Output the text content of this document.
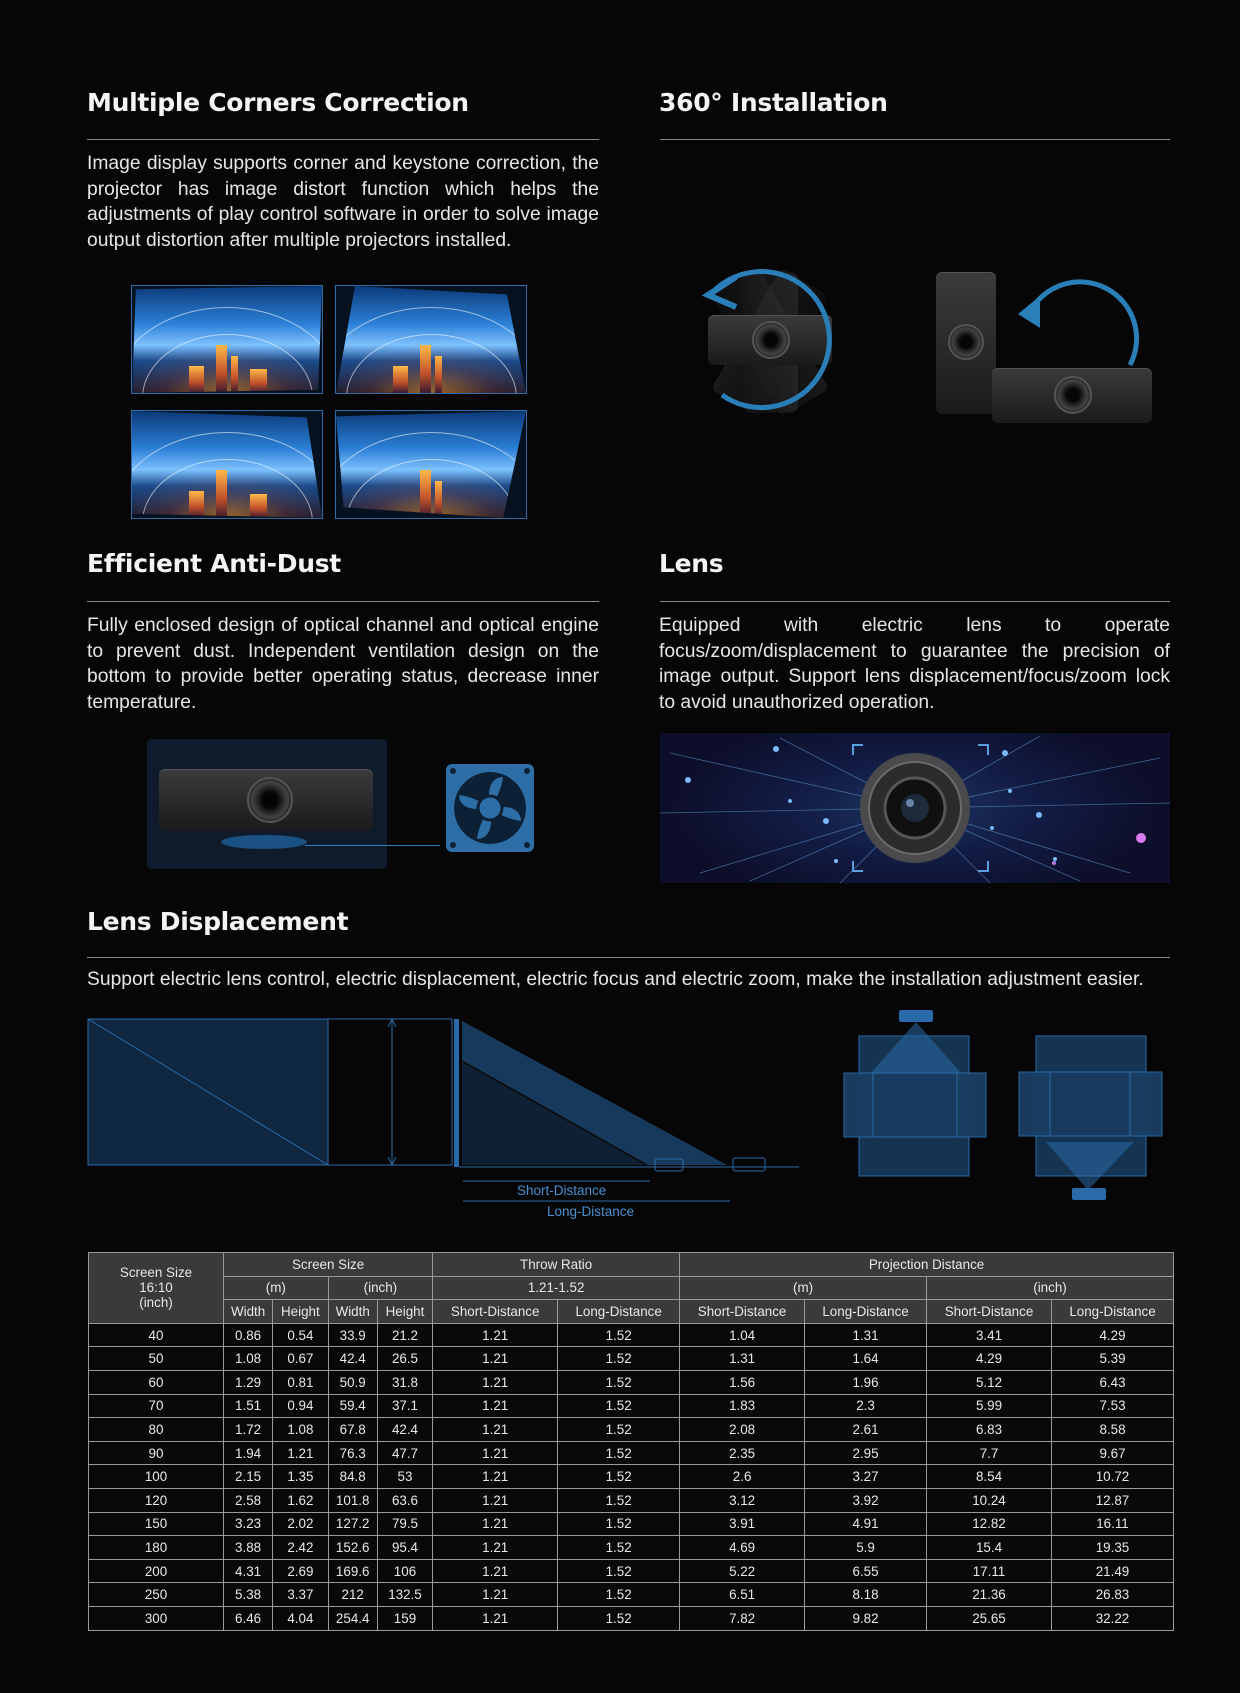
Multiple Corners Correction

Image display supports corner and keystone correction, the projector has image distort function which helps the adjustments of play control software in order to solve image output distortion after multiple projectors installed.

360° Installation
Efficient Anti-Dust

Fully enclosed design of optical channel and optical engine to prevent dust. Independent ventilation design on the bottom to provide better operating status, decrease inner temperature.

Lens

Equipped with electric lens to operate focus/zoom/displacement to guarantee the precision of image output. Support lens displacement/focus/zoom lock to avoid unauthorized operation.

Lens Displacement

Support electric lens control, electric displacement, electric focus and electric zoom, make the installation adjustment easier.

Short-Distance
Long-Distance
Screen Size
16:10
(inch)	Screen Size				Throw Ratio		Projection Distance			
	(m)		(inch)		1.21-1.52		(m)		(inch)	
	Width	Height	Width	Height	Short-Distance	Long-Distance	Short-Distance	Long-Distance	Short-Distance	Long-Distance
40	0.86	0.54	33.9	21.2	1.21	1.52	1.04	1.31	3.41	4.29
50	1.08	0.67	42.4	26.5	1.21	1.52	1.31	1.64	4.29	5.39
60	1.29	0.81	50.9	31.8	1.21	1.52	1.56	1.96	5.12	6.43
70	1.51	0.94	59.4	37.1	1.21	1.52	1.83	2.3	5.99	7.53
80	1.72	1.08	67.8	42.4	1.21	1.52	2.08	2.61	6.83	8.58
90	1.94	1.21	76.3	47.7	1.21	1.52	2.35	2.95	7.7	9.67
100	2.15	1.35	84.8	53	1.21	1.52	2.6	3.27	8.54	10.72
120	2.58	1.62	101.8	63.6	1.21	1.52	3.12	3.92	10.24	12.87
150	3.23	2.02	127.2	79.5	1.21	1.52	3.91	4.91	12.82	16.11
180	3.88	2.42	152.6	95.4	1.21	1.52	4.69	5.9	15.4	19.35
200	4.31	2.69	169.6	106	1.21	1.52	5.22	6.55	17.11	21.49
250	5.38	3.37	212	132.5	1.21	1.52	6.51	8.18	21.36	26.83
300	6.46	4.04	254.4	159	1.21	1.52	7.82	9.82	25.65	32.22
